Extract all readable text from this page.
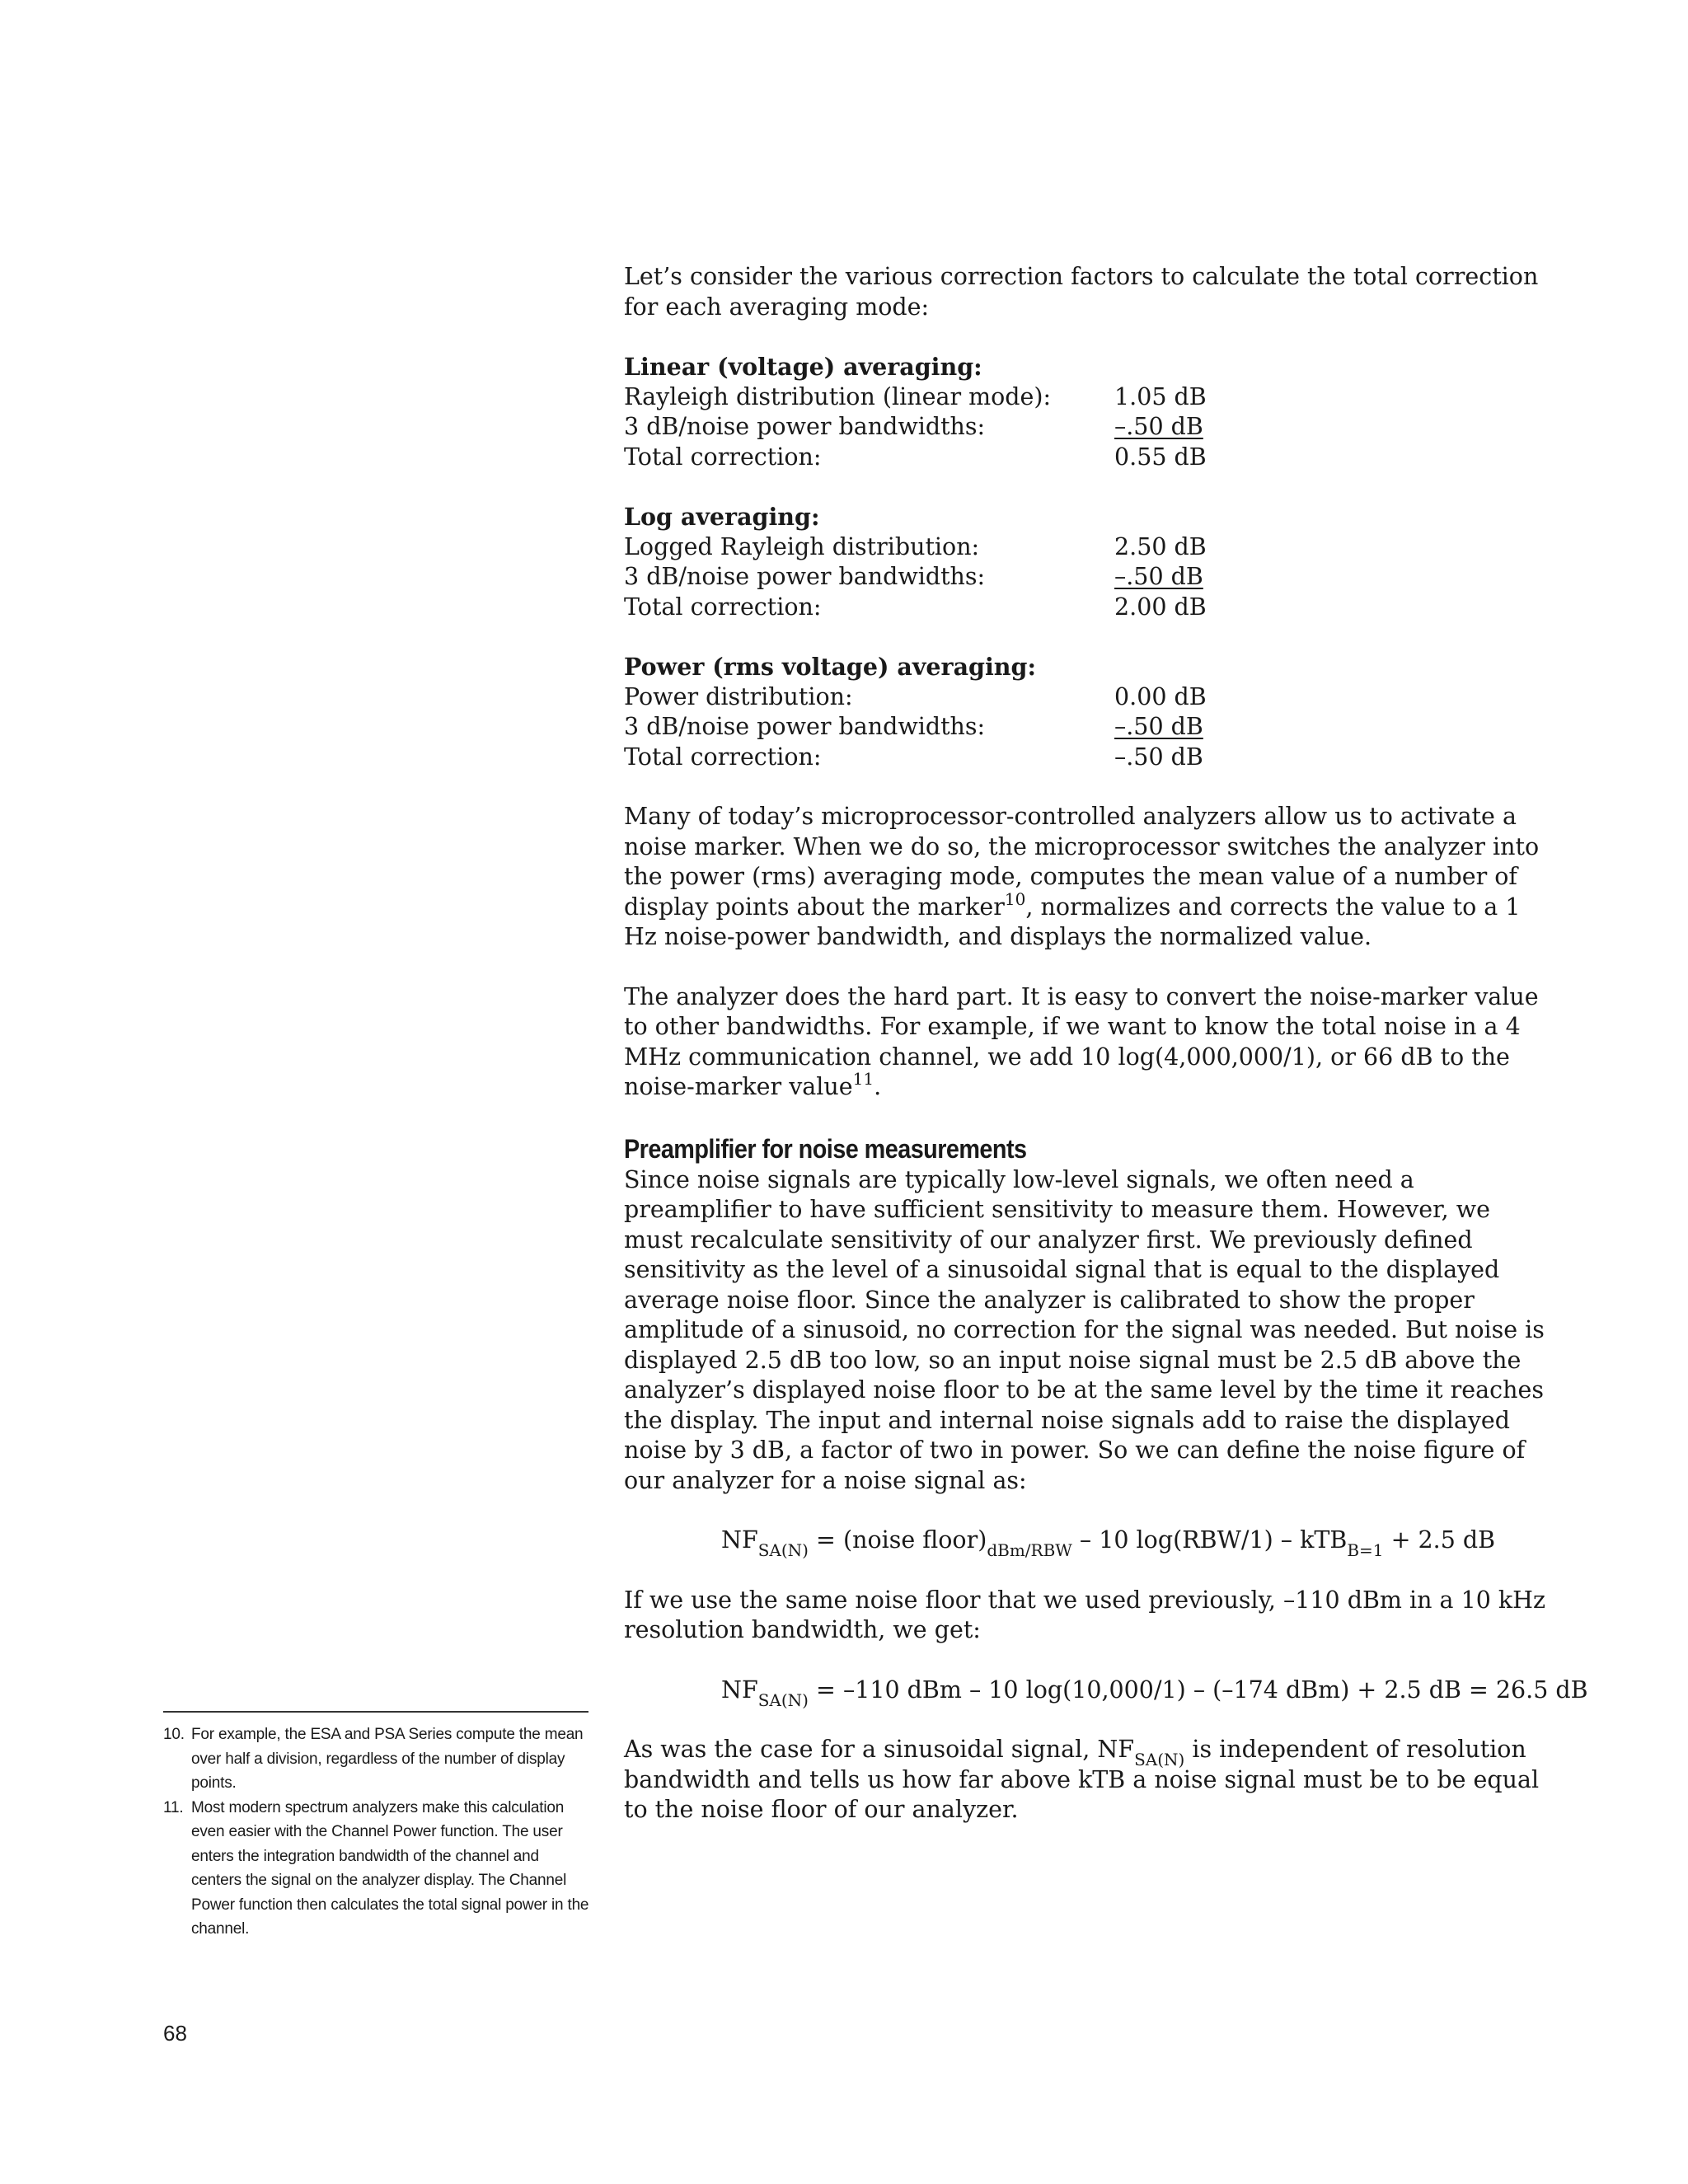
Let’s consider the various correction factors to calculate the total correction for each averaging mode:

Linear (voltage) averaging:
Rayleigh distribution (linear mode):	1.05 dB
3 dB/noise power bandwidths:	–.50 dB
Total correction:	0.55 dB
Log averaging:
Logged Rayleigh distribution:	2.50 dB
3 dB/noise power bandwidths:	–.50 dB
Total correction:	2.00 dB
Power (rms voltage) averaging:
Power distribution:	0.00 dB
3 dB/noise power bandwidths:	–.50 dB
Total correction:	–.50 dB

Many of today’s microprocessor-controlled analyzers allow us to activate a noise marker. When we do so, the microprocessor switches the analyzer into the power (rms) averaging mode, computes the mean value of a number of display points about the marker$^{10}$, normalizes and corrects the value to a 1 Hz noise-power bandwidth, and displays the normalized value.

The analyzer does the hard part. It is easy to convert the noise-marker value to other bandwidths. For example, if we want to know the total noise in a 4 MHz communication channel, we add 10 log(4,000,000/1), or 66 dB to the noise-marker value$^{11}$.

Preamplifier for noise measurements

Since noise signals are typically low-level signals, we often need a preamplifier to have sufficient sensitivity to measure them. However, we must recalculate sensitivity of our analyzer first. We previously defined sensitivity as the level of a sinusoidal signal that is equal to the displayed average noise floor. Since the analyzer is calibrated to show the proper amplitude of a sinusoid, no correction for the signal was needed. But noise is displayed 2.5 dB too low, so an input noise signal must be 2.5 dB above the analyzer’s displayed noise floor to be at the same level by the time it reaches the display. The input and internal noise signals add to raise the displayed noise by 3 dB, a factor of two in power. So we can define the noise figure of our analyzer for a noise signal as:

$NF_{SA(N)}$ = (noise $floor)_{dBm/RBW} - 10$ log(RBW/1) – kTB$_{B=1}$ + 2.5 dB

If we use the same noise floor that we used previously, –110 dBm in a 10 kHz resolution bandwidth, we get:

$NF_{SA(N)} = -110$ dBm – 10 log(10,000/1) – (–174 dBm) + 2.5 dB = 26.5 dB

As was the case for a sinusoidal signal, $NF_{SA(N)}$ is independent of resolution bandwidth and tells us how far above kTB a noise signal must be to be equal to the noise floor of our analyzer.

10. For example, the ESA and PSA Series compute the mean over half a division, regardless of the number of display points.
11. Most modern spectrum analyzers make this calculation even easier with the Channel Power function. The user enters the integration bandwidth of the channel and centers the signal on the analyzer display. The Channel Power function then calculates the total signal power in the channel.
68
